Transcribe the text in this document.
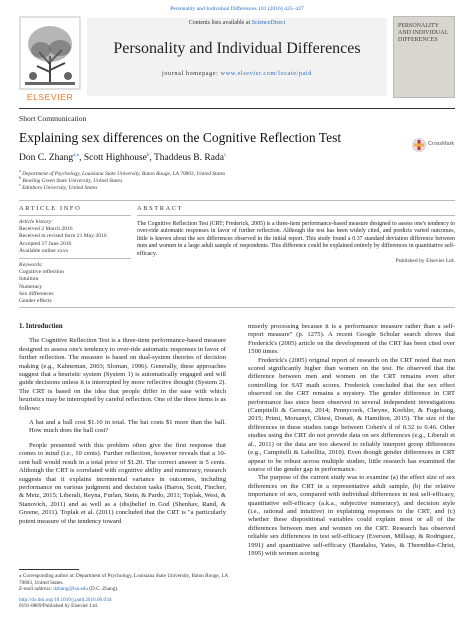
Personality and Individual Differences 101 (2016) 425–427
ELSEVIER
Contents lists available at ScienceDirect
Personality and Individual Differences
journal homepage: www.elsevier.com/locate/paid
PERSONALITY AND INDIVIDUAL DIFFERENCES
Short Communication
Explaining sex differences on the Cognitive Reflection Test	CrossMark
Don C. Zhang$^{a,⁎}$, Scott Highhouse$^b$, Thaddeus B. Rada$^c$
$^a$ Department of Psychology, Louisiana State University, Baton Rouge, LA 70803, United States
$^b$ Bowling Green State University, United States
$^c$ Edinboro University, United States
ARTICLE INFO
Article history:
Received 2 March 2016
Received in revised form 21 May 2016
Accepted 17 June 2016
Available online xxxx
Keywords:
Cognitive reflection
Intuition
Numeracy
Sex differences
Gender effects
ABSTRACT
The Cognitive Reflection Test (CRT; Frederick, 2005) is a three-item performance-based measure designed to assess one's tendency to over-ride automatic responses in favor of further reflection. Although the test has been widely cited, and predicts varied outcomes, little is known about the sex differences observed in the initial report. This study found a 0.37 standard deviation difference between men and women in a large adult sample of respondents. This difference could be explained entirely by differences in quantitative self-efficacy.
Published by Elsevier Ltd.
1. Introduction

The Cognitive Reflection Test is a three-item performance-based measure designed to assess one's tendency to over-ride automatic responses in favor of further reflection. The measure is based on dual-system theories of decision making (e.g., Kahneman, 2003; Sloman, 1996). Generally, these approaches suggest that a heuristic system (System 1) is automatically engaged and will guide decisions unless it is interrupted by more reflective thought (System 2). The CRT is based on the idea that people differ in the ease with which heuristics may be interrupted by careful reflection. One of the three items is as follows:

A bat and a ball cost $1.10 in total. The bat costs $1 more than the ball. How much does the ball cost?

People presented with this problem often give the first response that comes to mind (i.e., 10 cents). Further reflection, however reveals that a 10-cent ball would result in a total price of $1.20. The correct answer is 5 cents. Although the CRT is correlated with cognitive ability and numeracy, research suggests that it explains incremental variance in outcomes, including performance on various judgment and decision tasks (Baron, Scott, Fincher, & Metz, 2015; Liberali, Reyna, Furlan, Stein, & Pardo, 2011; Toplak, West, & Stanovich, 2011) and as well as a (dis)belief in God (Shenhav, Rand, & Greene, 2011). Toplak et al. (2011) concluded that the CRT is "a particularly potent measure of the tendency toward

miserly processing because it is a performance measure rather than a self-report measure" (p. 1275). A recent Google Scholar search shows that Frederick's (2005) article on the development of the CRT has been cited over 1500 times.

Frederick's (2005) original report of research on the CRT noted that men scored significantly higher than women on the test. He observed that the difference between men and women on the CRT remains even after controlling for SAT math scores. Frederick concluded that the sex effect observed on the CRT remains a mystery. The gender difference in CRT performance has since been observed in several independent investigations (Campitelli & Gerrans, 2014; Pennycook, Cheyne, Koehler, & Fugelsang, 2015; Primi, Morsanyi, Chiesi, Donati, & Hamilton, 2015). The size of the differences in these studies range between Cohen's d of 0.32 to 0.46. Other studies using the CRT do not provide data on sex differences (e.g., Liberali et al., 2011) or the data are too skewed to reliably interpret group differences (e.g., Campitelli & Labollita, 2010). Even though gender differences in CRT appear to be robust across multiple studies, little research has examined the source of the gender gap in performance.

The purpose of the current study was to examine (a) the effect size of sex differences on the CRT in a representative adult sample, (b) the relative importance of sex, compared with individual differences in test self-efficacy, quantitative self-efficacy (a.k.a., subjective numeracy), and decision style (i.e., rational and intuitive) in explaining responses to the CRT, and (c) whether these dispositional variables could explain most or all of the differences between men and women on the CRT. Research has observed reliable sex differences in test self-efficacy (Everson, Millsap, & Rodriguez, 1991) and quantitative self-efficacy (Bandalos, Yates, & Thorndike-Christ, 1995) with women scoring

⁎ Corresponding author at: Department of Psychology, Louisiana State University, Baton Rouge, LA 70803, United States.
E-mail address: dzhang@lsu.edu (D.C. Zhang).
http://dx.doi.org/10.1016/j.paid.2016.06.034
0191-8869/Published by Elsevier Ltd.
